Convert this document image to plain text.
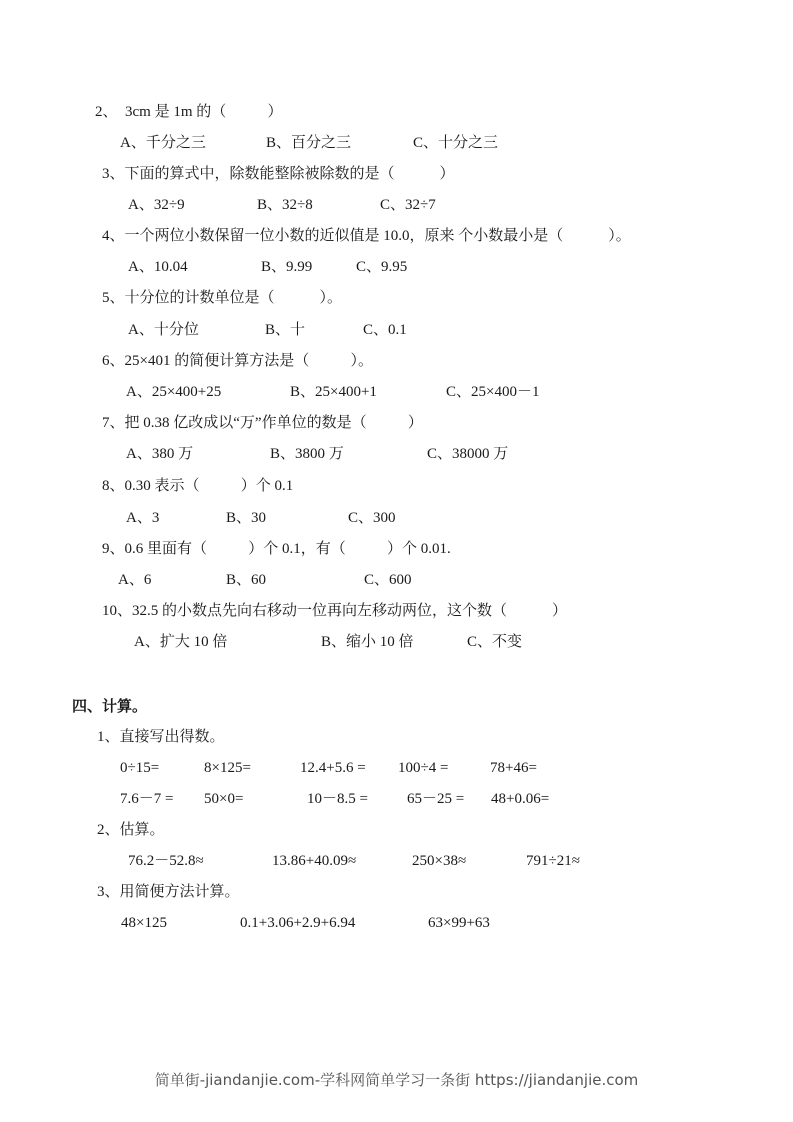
2、  3cm 是 1m 的（           ）
A、千分之三	B、百分之三	C、十分之三
3、下面的算式中，除数能整除被除数的是（            ）
A、32÷9	B、32÷8	C、32÷7
4、一个两位小数保留一位小数的近似值是 10.0，原来 个小数最小是（            ）。
A、10.04	B、9.99	C、9.95
5、十分位的计数单位是（            ）。
A、十分位	B、十	C、0.1
6、25×401 的简便计算方法是（           ）。
A、25×400+25	B、25×400+1	C、25×400－1
7、把 0.38 亿改成以“万”作单位的数是（           ）
A、380 万	B、3800 万	C、38000 万
8、0.30 表示（           ）个 0.1
A、3	B、30	C、300
9、0.6 里面有（           ）个 0.1，有（           ）个 0.01.
A、6	B、60	C、600
10、32.5 的小数点先向右移动一位再向左移动两位，这个数（            ）
A、扩大 10 倍	B、缩小 10 倍	C、不变
四、计算。
1、直接写出得数。
0÷15=	8×125=	12.4+5.6 = 100÷4 =	78+46=
7.6－7 = 50×0=	10－8.5 =	65－25 = 48+0.06=
2、估算。
76.2－52.8≈	13.86+40.09≈	250×38≈	791÷21≈
3、用简便方法计算。
48×125	0.1+3.06+2.9+6.94	63×99+63
简单街-jiandanjie.com-学科网简单学习一条街 https://jiandanjie.com
